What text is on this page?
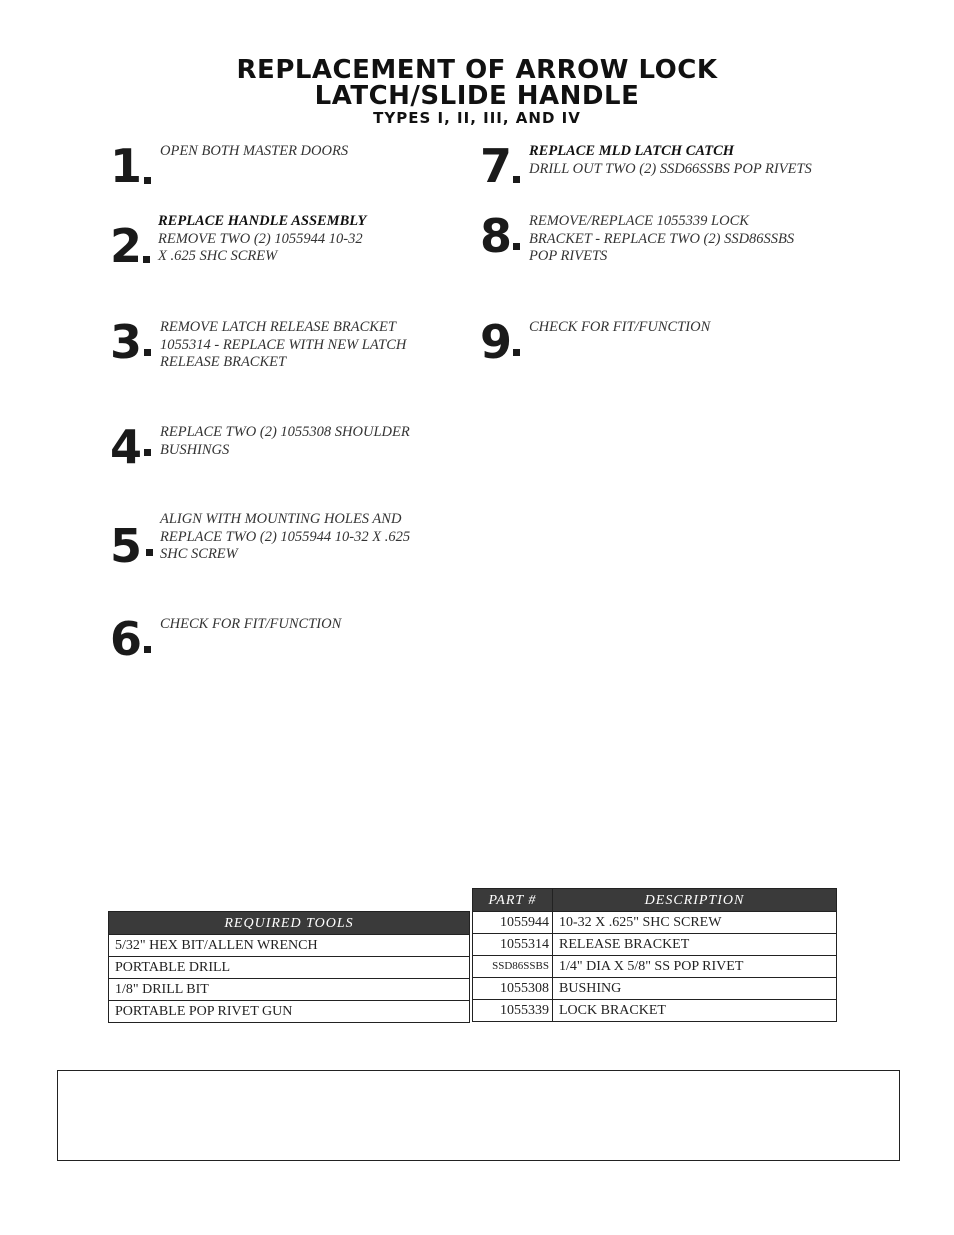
REPLACEMENT OF ARROW LOCK
LATCH/SLIDE HANDLE
TYPES I, II, III, AND IV
1 OPEN BOTH MASTER DOORS
2 REPLACE HANDLE ASSEMBLY
REMOVE TWO (2) 1055944 10-32
X .625 SHC SCREW
3 REMOVE LATCH RELEASE BRACKET
1055314 - REPLACE WITH NEW LATCH
RELEASE BRACKET
4 REPLACE TWO (2) 1055308 SHOULDER
BUSHINGS
5 ALIGN WITH MOUNTING HOLES AND
REPLACE TWO (2) 1055944 10-32 X .625
SHC SCREW
6 CHECK FOR FIT/FUNCTION
7 REPLACE MLD LATCH CATCH
DRILL OUT TWO (2) SSD66SSBS POP RIVETS
8 REMOVE/REPLACE 1055339 LOCK
BRACKET - REPLACE TWO (2) SSD86SSBS
POP RIVETS
9 CHECK FOR FIT/FUNCTION
REQUIRED TOOLS
5/32" HEX BIT/ALLEN WRENCH
PORTABLE DRILL
1/8" DRILL BIT
PORTABLE POP RIVET GUN
PART #	DESCRIPTION
1055944	10-32 X .625" SHC SCREW
1055314	RELEASE BRACKET
SSD86SSBS	1/4" DIA X 5/8" SS POP RIVET
1055308	BUSHING
1055339	LOCK BRACKET
